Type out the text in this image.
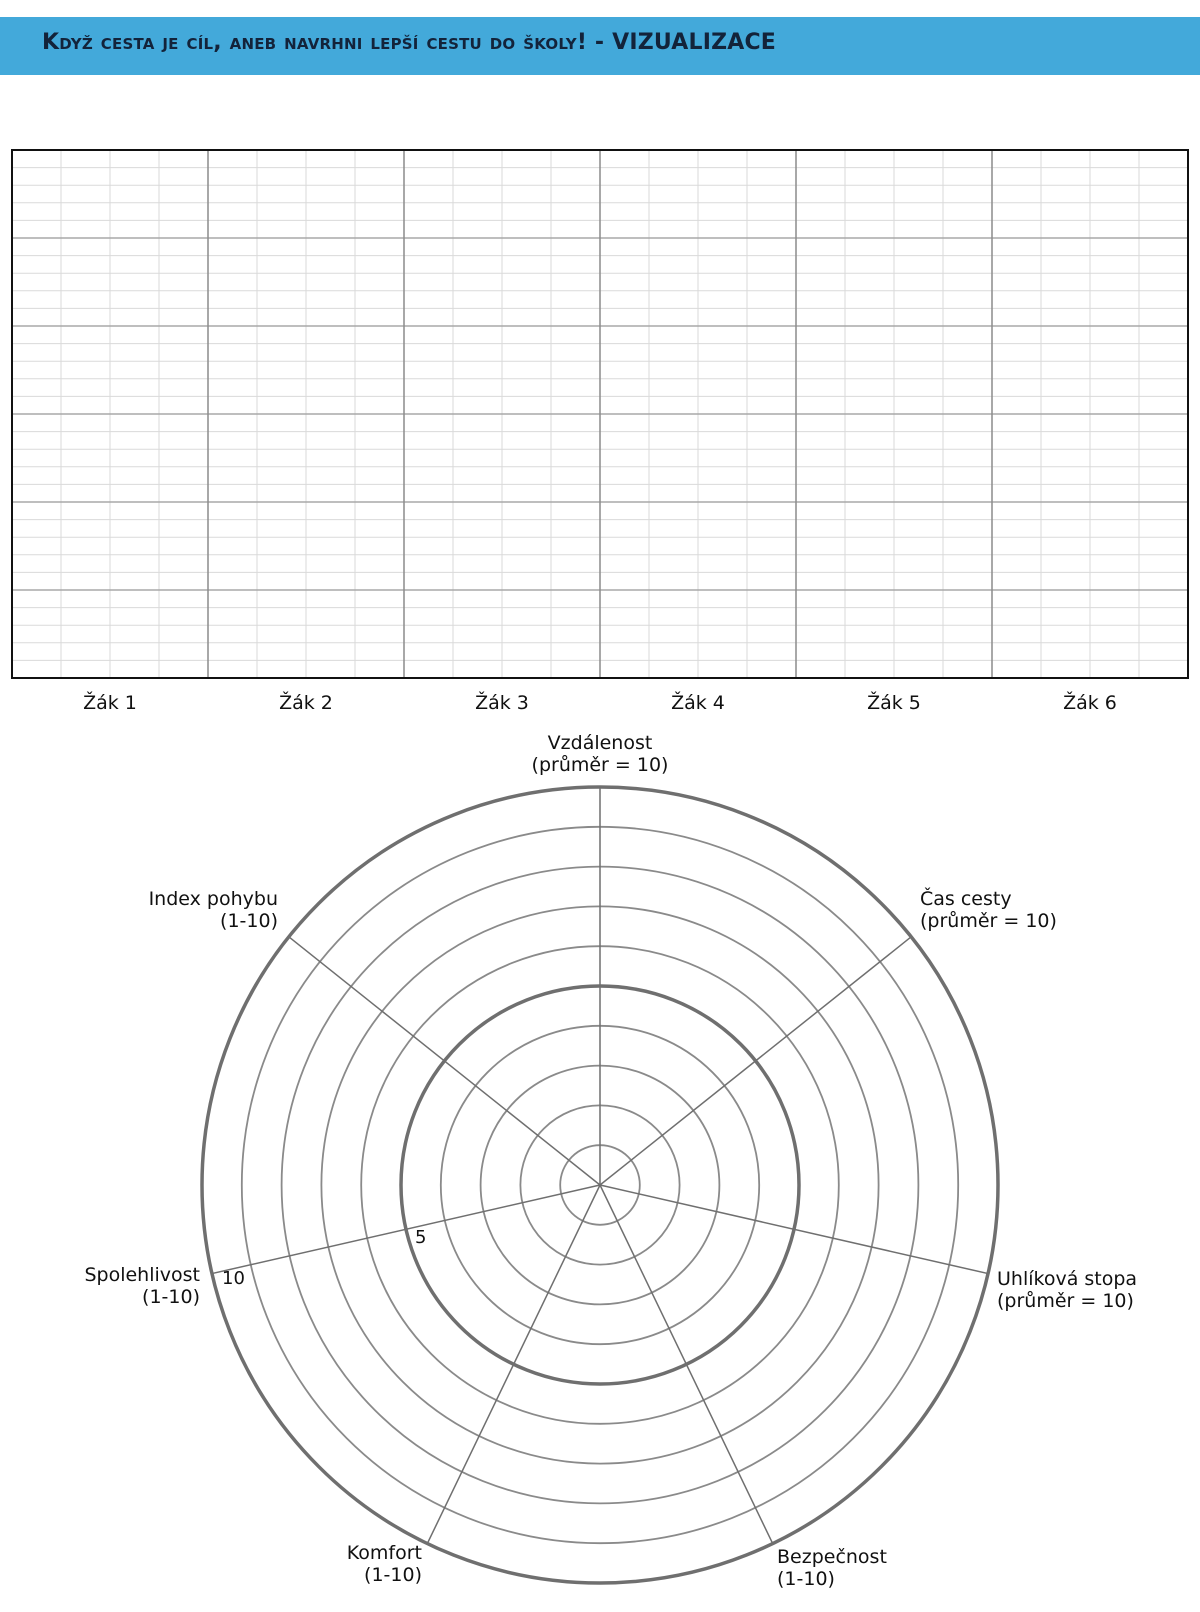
Když cesta je cíl, aneb navrhni lepší cestu do školy! - VIZUALIZACE
Žák 1	Žák 2	Žák 3	Žák 4	Žák 5	Žák 6
Vzdálenost
(průměr = 10)
Čas cesty
(průměr = 10)
Uhlíková stopa
(průměr = 10)
Bezpečnost
(1-10)
Komfort
(1-10)
Spolehlivost
(1-10)
Index pohybu
(1-10)
5
10
